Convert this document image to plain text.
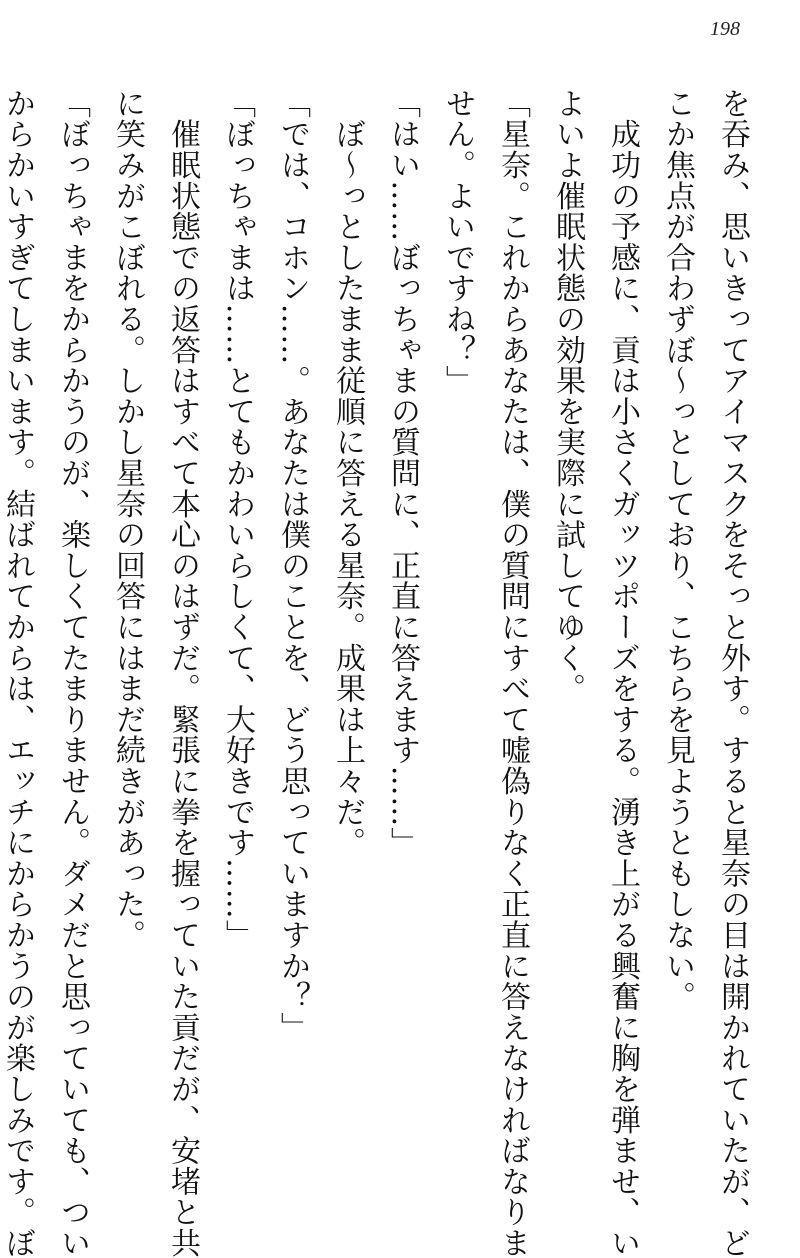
198
を吞み、思いきってアイマスクをそっと外す。すると星奈の目は開かれていたが、ど
こか焦点が合わずぼ～っとしており、こちらを見ようともしない。
　成功の予感に、貢は小さくガッツポーズをする。湧き上がる興奮に胸を弾ませ、い
よいよ催眠状態の効果を実際に試してゆく。
「星奈。これからあなたは、僕の質問にすべて嘘偽りなく正直に答えなければなりま
せん。よいですね？」
「はい……ぼっちゃまの質問に、正直に答えます……」
　ぼ～っとしたまま従順に答える星奈。成果は上々だ。
「では、コホン……。あなたは僕のことを、どう思っていますか？」
「ぼっちゃまは……とてもかわいらしくて、大好きです……」
　催眠状態での返答はすべて本心のはずだ。緊張に拳を握っていた貢だが、安堵と共
に笑みがこぼれる。しかし星奈の回答にはまだ続きがあった。
「ぼっちゃまをからかうのが、楽しくてたまりません。ダメだと思っていても、つい
からかいすぎてしまいます。結ばれてからは、エッチにからかうのが楽しみです。ぼ
